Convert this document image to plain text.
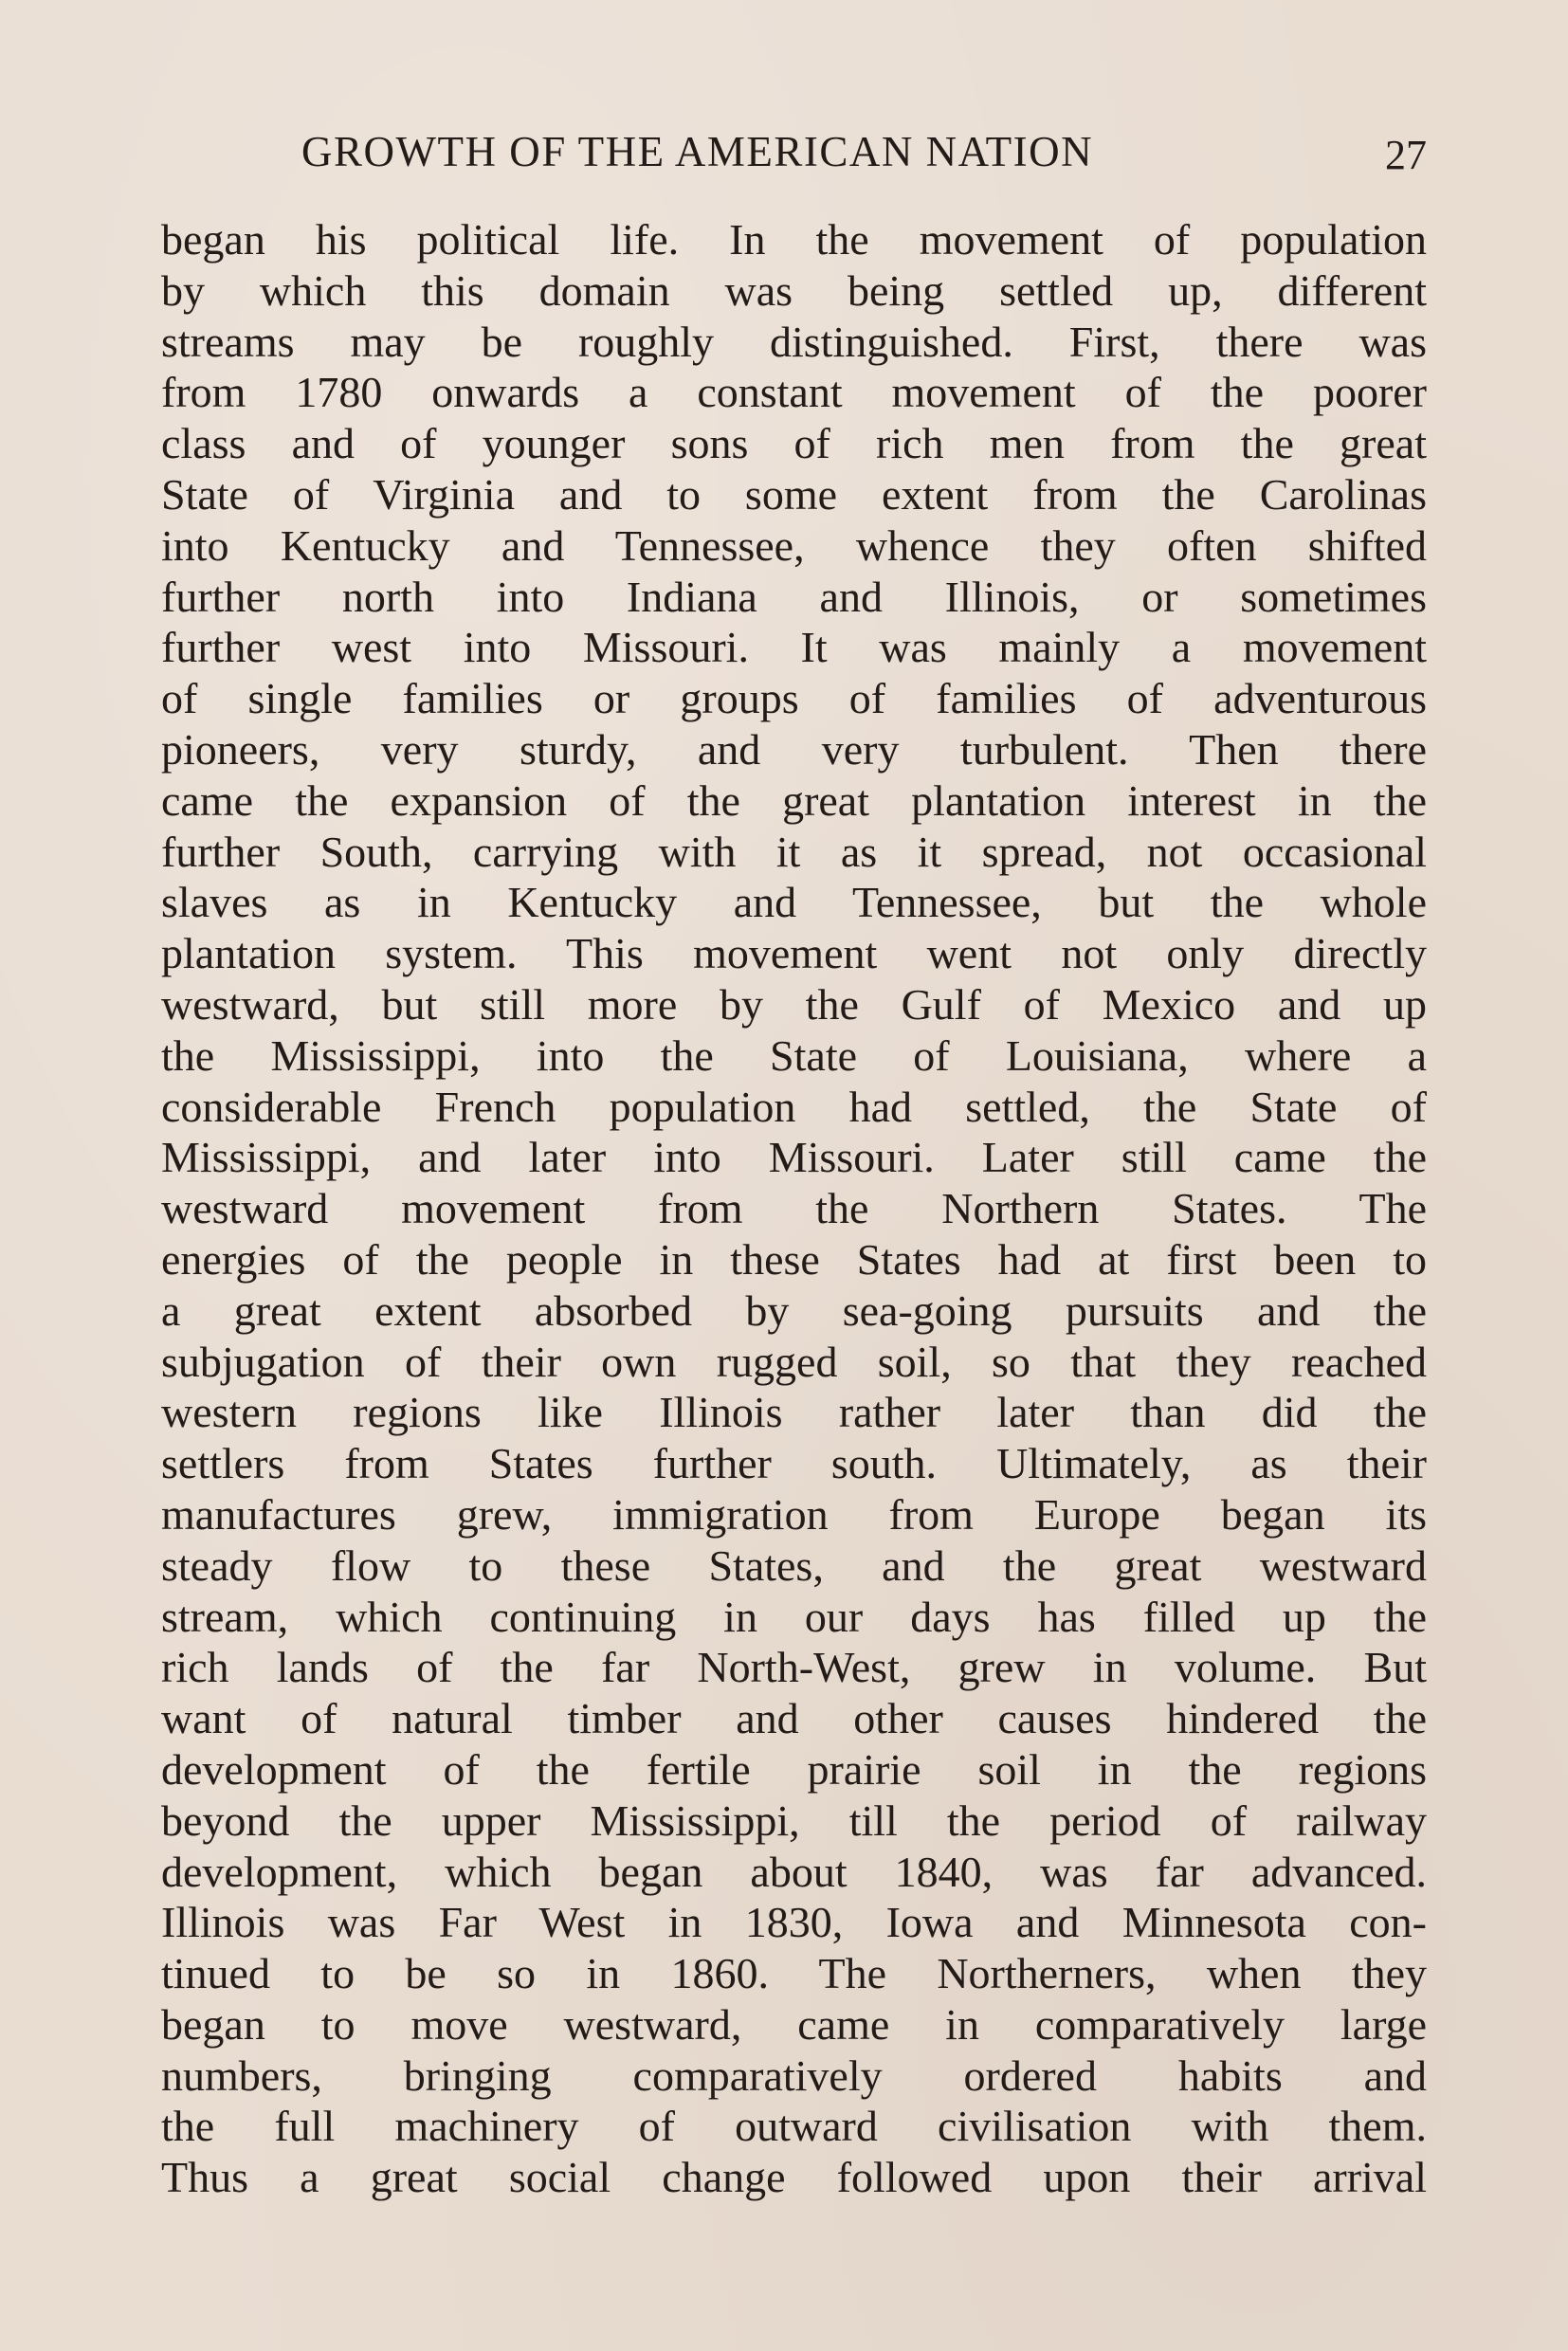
GROWTH OF THE AMERICAN NATION	27
began his political life. In the movement of population
by which this domain was being settled up, different
streams may be roughly distinguished. First, there was
from 1780 onwards a constant movement of the poorer
class and of younger sons of rich men from the great
State of Virginia and to some extent from the Carolinas
into Kentucky and Tennessee, whence they often shifted
further north into Indiana and Illinois, or sometimes
further west into Missouri. It was mainly a movement
of single families or groups of families of adventurous
pioneers, very sturdy, and very turbulent. Then there
came the expansion of the great plantation interest in the
further South, carrying with it as it spread, not occasional
slaves as in Kentucky and Tennessee, but the whole
plantation system. This movement went not only directly
westward, but still more by the Gulf of Mexico and up
the Mississippi, into the State of Louisiana, where a
considerable French population had settled, the State of
Mississippi, and later into Missouri. Later still came the
westward movement from the Northern States. The
energies of the people in these States had at first been to
a great extent absorbed by sea-going pursuits and the
subjugation of their own rugged soil, so that they reached
western regions like Illinois rather later than did the
settlers from States further south. Ultimately, as their
manufactures grew, immigration from Europe began its
steady flow to these States, and the great westward
stream, which continuing in our days has filled up the
rich lands of the far North-West, grew in volume. But
want of natural timber and other causes hindered the
development of the fertile prairie soil in the regions
beyond the upper Mississippi, till the period of railway
development, which began about 1840, was far advanced.
Illinois was Far West in 1830, Iowa and Minnesota con-
tinued to be so in 1860. The Northerners, when they
began to move westward, came in comparatively large
numbers, bringing comparatively ordered habits and
the full machinery of outward civilisation with them.
Thus a great social change followed upon their arrival
